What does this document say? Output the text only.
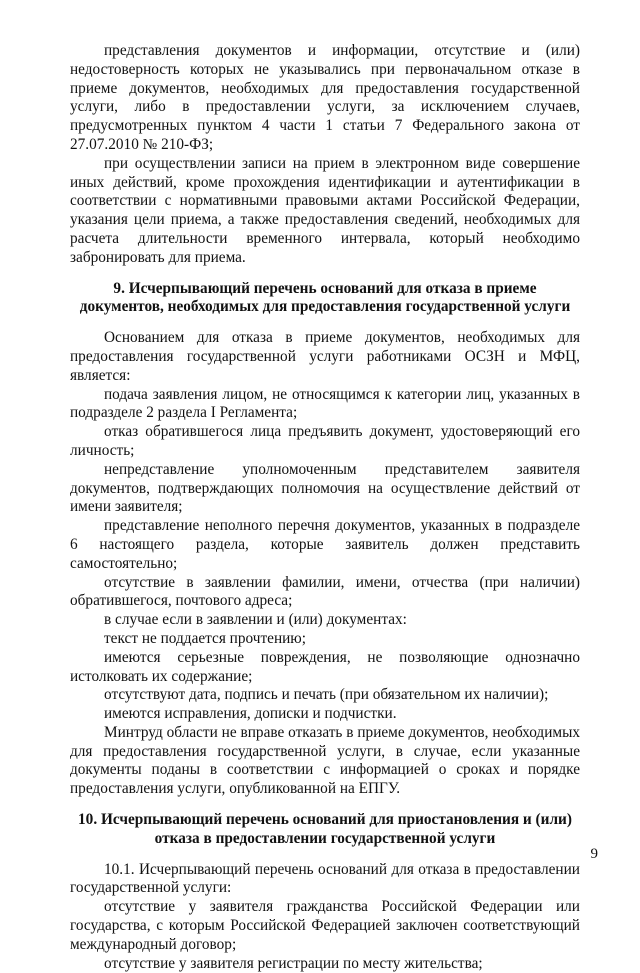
представления документов и информации, отсутствие и (или) недостоверность которых не указывались при первоначальном отказе в приеме документов, необходимых для предоставления государственной услуги, либо в предоставлении услуги, за исключением случаев, предусмотренных пунктом 4 части 1 статьи 7 Федерального закона от 27.07.2010 № 210-ФЗ;

при осуществлении записи на прием в электронном виде совершение иных действий, кроме прохождения идентификации и аутентификации в соответствии с нормативными правовыми актами Российской Федерации, указания цели приема, а также предоставления сведений, необходимых для расчета длительности временного интервала, который необходимо забронировать для приема.

9. Исчерпывающий перечень оснований для отказа в приеме документов, необходимых для предоставления государственной услуги

Основанием для отказа в приеме документов, необходимых для предоставления государственной услуги работниками ОСЗН и МФЦ, является:

подача заявления лицом, не относящимся к категории лиц, указанных в подразделе 2 раздела I Регламента;

отказ обратившегося лица предъявить документ, удостоверяющий его личность;

непредставление уполномоченным представителем заявителя документов, подтверждающих полномочия на осуществление действий от имени заявителя;

представление неполного перечня документов, указанных в подразделе 6 настоящего раздела, которые заявитель должен представить самостоятельно;

отсутствие в заявлении фамилии, имени, отчества (при наличии) обратившегося, почтового адреса;

в случае если в заявлении и (или) документах:

текст не поддается прочтению;

имеются серьезные повреждения, не позволяющие однозначно истолковать их содержание;

отсутствуют дата, подпись и печать (при обязательном их наличии);

имеются исправления, дописки и подчистки.

Минтруд области не вправе отказать в приеме документов, необходимых для предоставления государственной услуги, в случае, если указанные документы поданы в соответствии с информацией о сроках и порядке предоставления услуги, опубликованной на ЕПГУ.

10. Исчерпывающий перечень оснований для приостановления и (или) отказа в предоставлении государственной услуги

10.1. Исчерпывающий перечень оснований для отказа в предоставлении государственной услуги:

отсутствие у заявителя гражданства Российской Федерации или государства, с которым Российской Федерацией заключен соответствующий международный договор;

отсутствие у заявителя регистрации по месту жительства;

9
